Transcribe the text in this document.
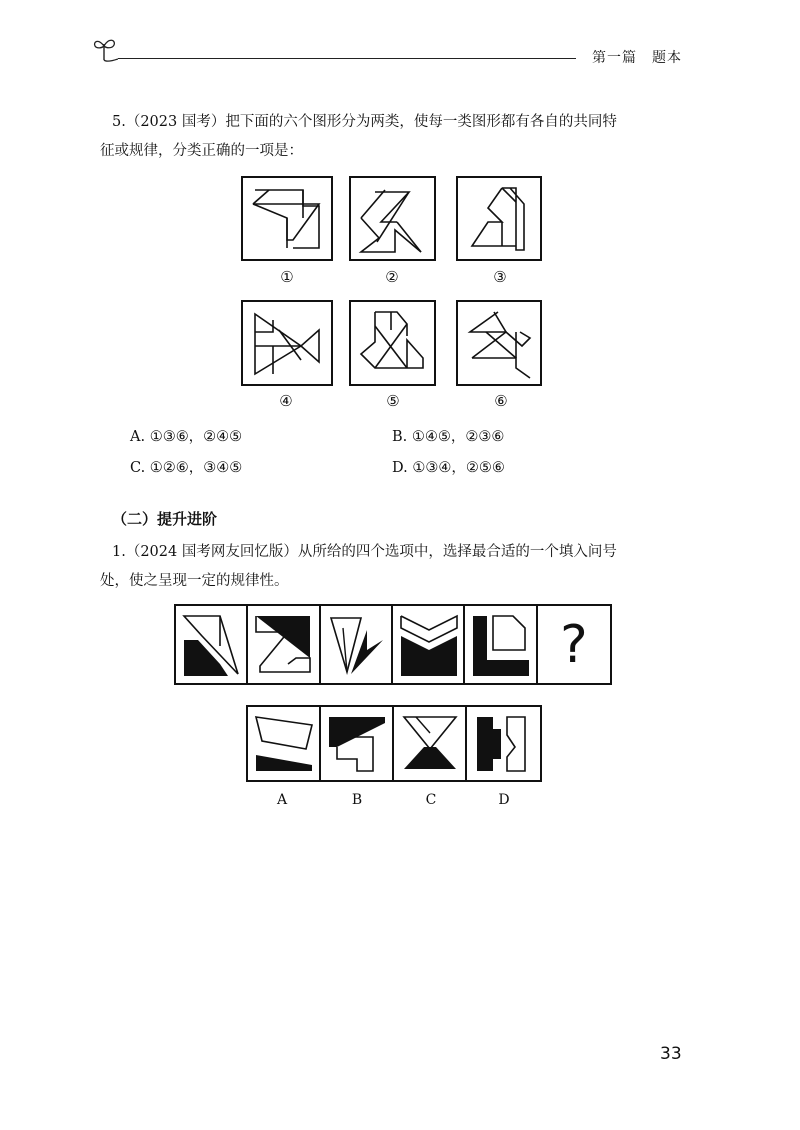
第一篇　题本
5.（2023 国考）把下面的六个图形分为两类，使每一类图形都有各自的共同特
征或规律，分类正确的一项是：
①	②	③
④	⑤	⑥
A. ①③⑥，②④⑤	B. ①④⑤，②③⑥
C. ①②⑥，③④⑤	D. ①③④，②⑤⑥
（二）提升进阶
1.（2024 国考网友回忆版）从所给的四个选项中，选择最合适的一个填入问号
处，使之呈现一定的规律性。
?
A	B	C	D
33
